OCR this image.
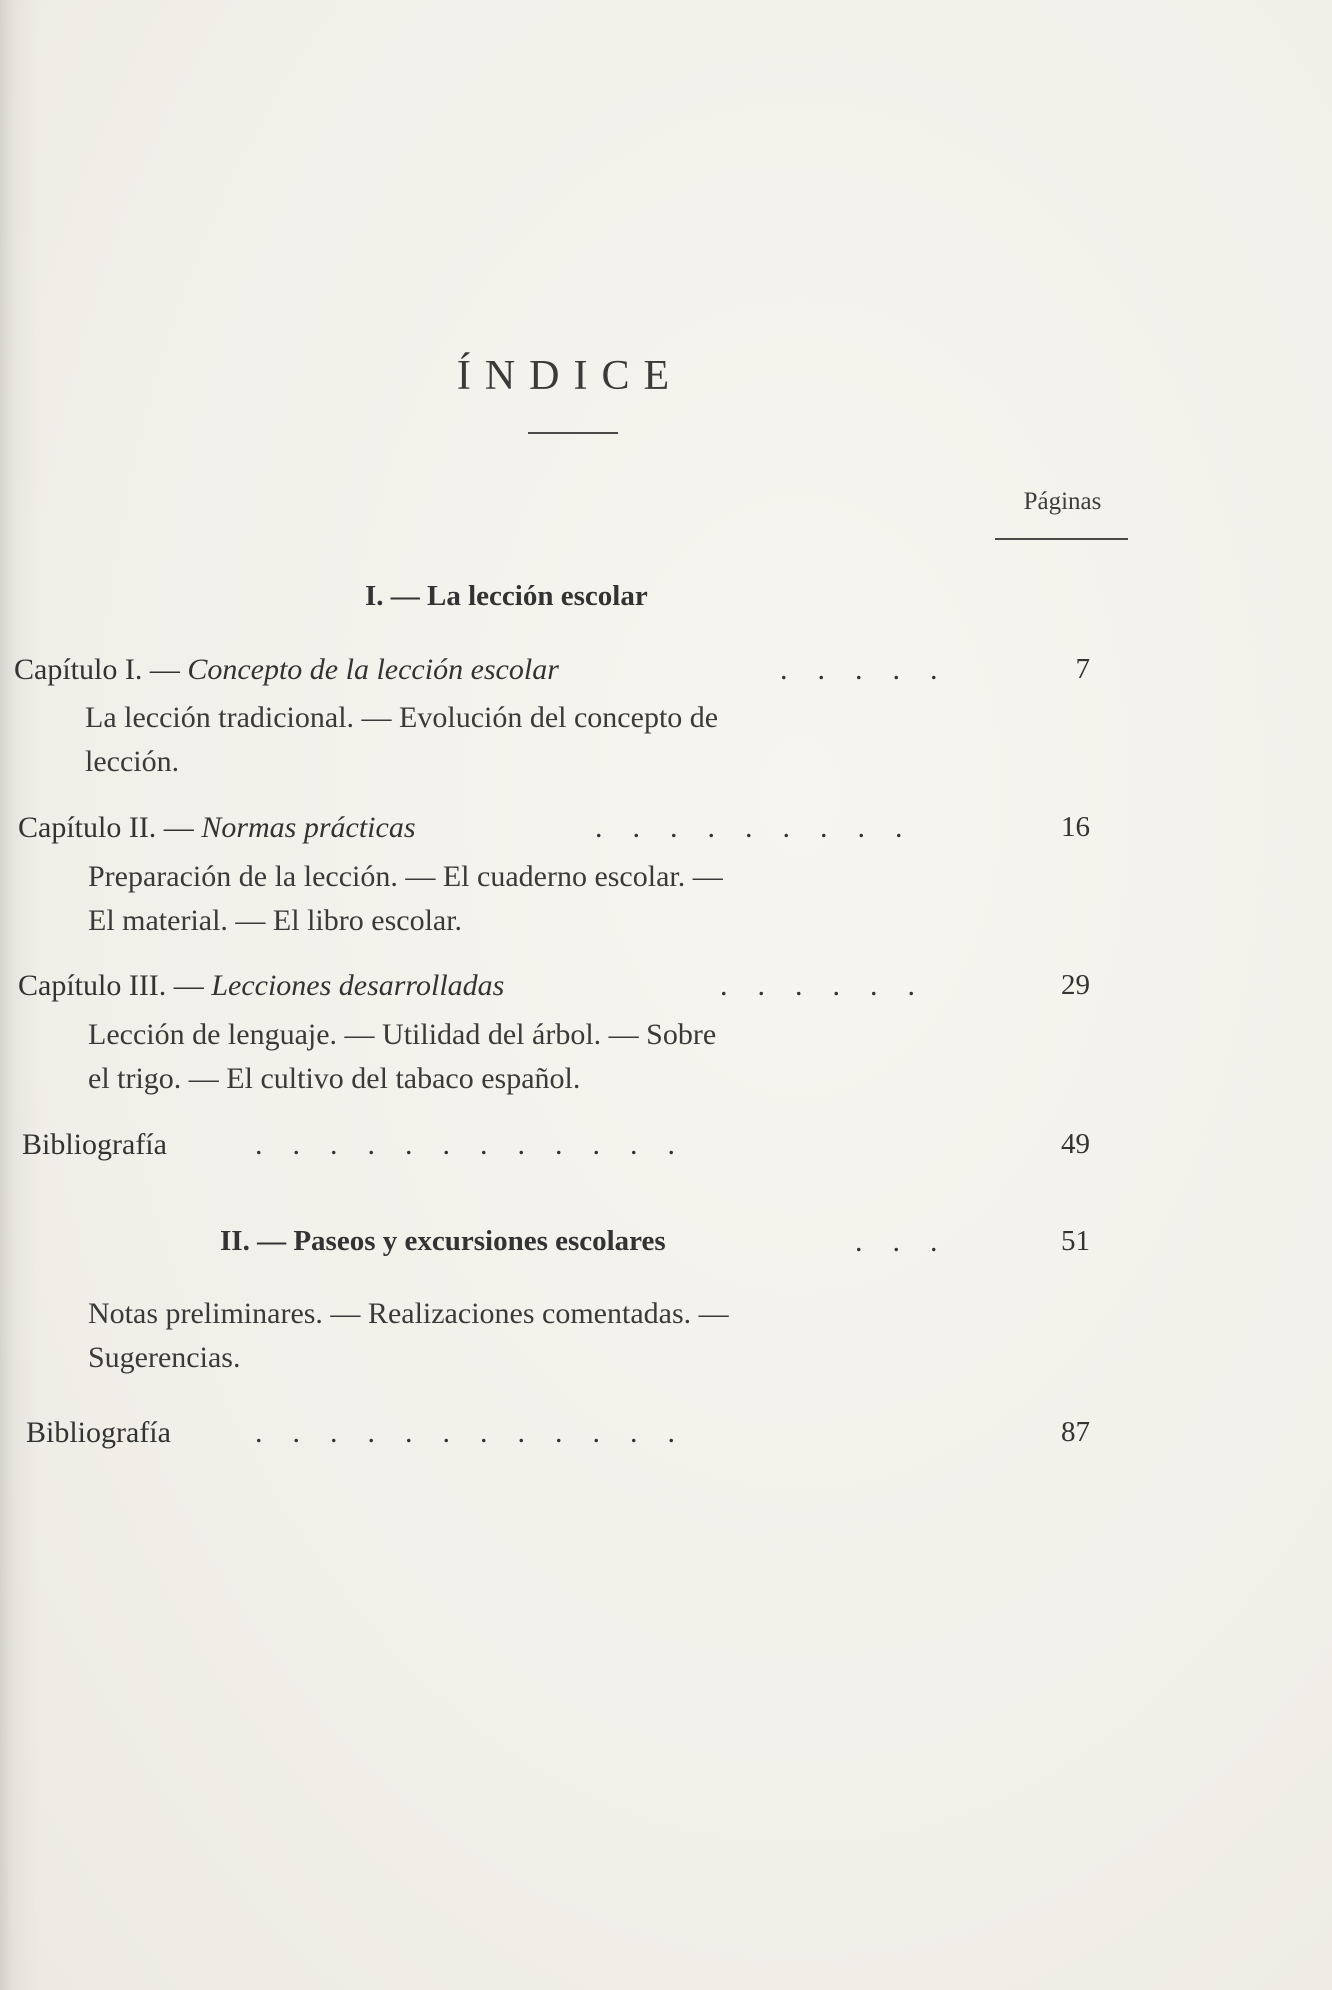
ÍNDICE
Páginas
I. — La lección escolar
Capítulo I. — Concepto de la lección escolar	.    .    .    .    .	7
La lección tradicional. — Evolución del concepto de
lección.
Capítulo II. — Normas prácticas	.    .    .    .    .    .    .    .    .	16
Preparación de la lección. — El cuaderno escolar. —
El material. — El libro escolar.
Capítulo III. — Lecciones desarrolladas	.    .    .    .    .    .	29
Lección de lenguaje. — Utilidad del árbol. — Sobre
el trigo. — El cultivo del tabaco español.
Bibliografía	.    .    .    .    .    .    .    .    .    .    .    .	49
II. — Paseos y excursiones escolares	.    .    .	51
Notas preliminares. — Realizaciones comentadas. —
Sugerencias.
Bibliografía	.    .    .    .    .    .    .    .    .    .    .    .	87
